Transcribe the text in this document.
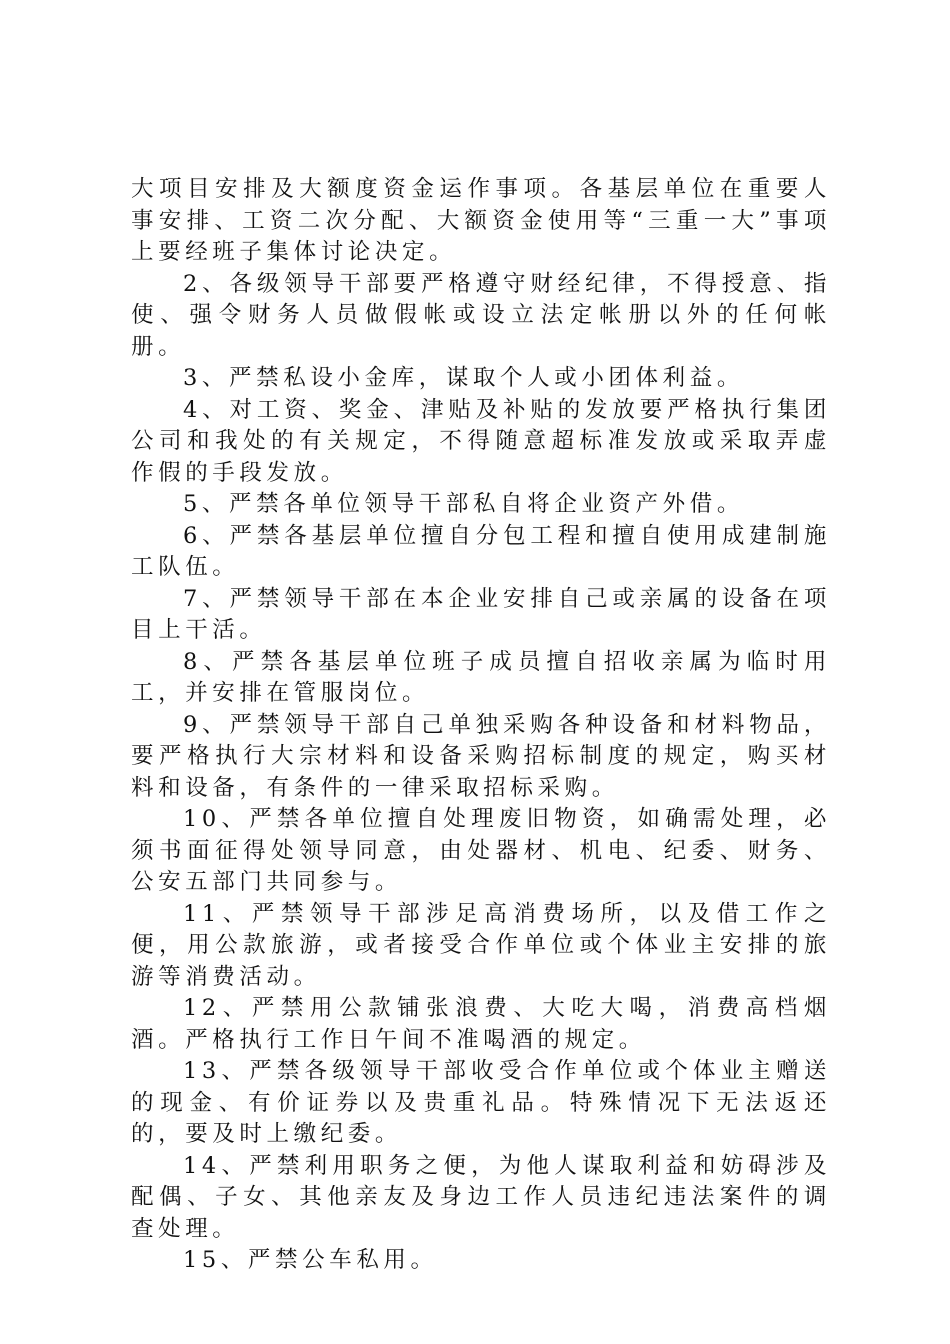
大项目安排及大额度资金运作事项。各基层单位在重要人事安排、工资二次分配、大额资金使用等“三重一大”事项上要经班子集体讨论决定。

2、各级领导干部要严格遵守财经纪律，不得授意、指使、强令财务人员做假帐或设立法定帐册以外的任何帐册。

3、严禁私设小金库，谋取个人或小团体利益。

4、对工资、奖金、津贴及补贴的发放要严格执行集团公司和我处的有关规定，不得随意超标准发放或采取弄虚作假的手段发放。

5、严禁各单位领导干部私自将企业资产外借。

6、严禁各基层单位擅自分包工程和擅自使用成建制施工队伍。

7、严禁领导干部在本企业安排自己或亲属的设备在项目上干活。

8、严禁各基层单位班子成员擅自招收亲属为临时用工，并安排在管服岗位。

9、严禁领导干部自己单独采购各种设备和材料物品，要严格执行大宗材料和设备采购招标制度的规定，购买材料和设备，有条件的一律采取招标采购。

10、严禁各单位擅自处理废旧物资，如确需处理，必须书面征得处领导同意，由处器材、机电、纪委、财务、公安五部门共同参与。

11、严禁领导干部涉足高消费场所，以及借工作之便，用公款旅游，或者接受合作单位或个体业主安排的旅游等消费活动。

12、严禁用公款铺张浪费、大吃大喝，消费高档烟酒。严格执行工作日午间不准喝酒的规定。

13、严禁各级领导干部收受合作单位或个体业主赠送的现金、有价证券以及贵重礼品。特殊情况下无法返还的，要及时上缴纪委。

14、严禁利用职务之便，为他人谋取利益和妨碍涉及配偶、子女、其他亲友及身边工作人员违纪违法案件的调查处理。

15、严禁公车私用。
